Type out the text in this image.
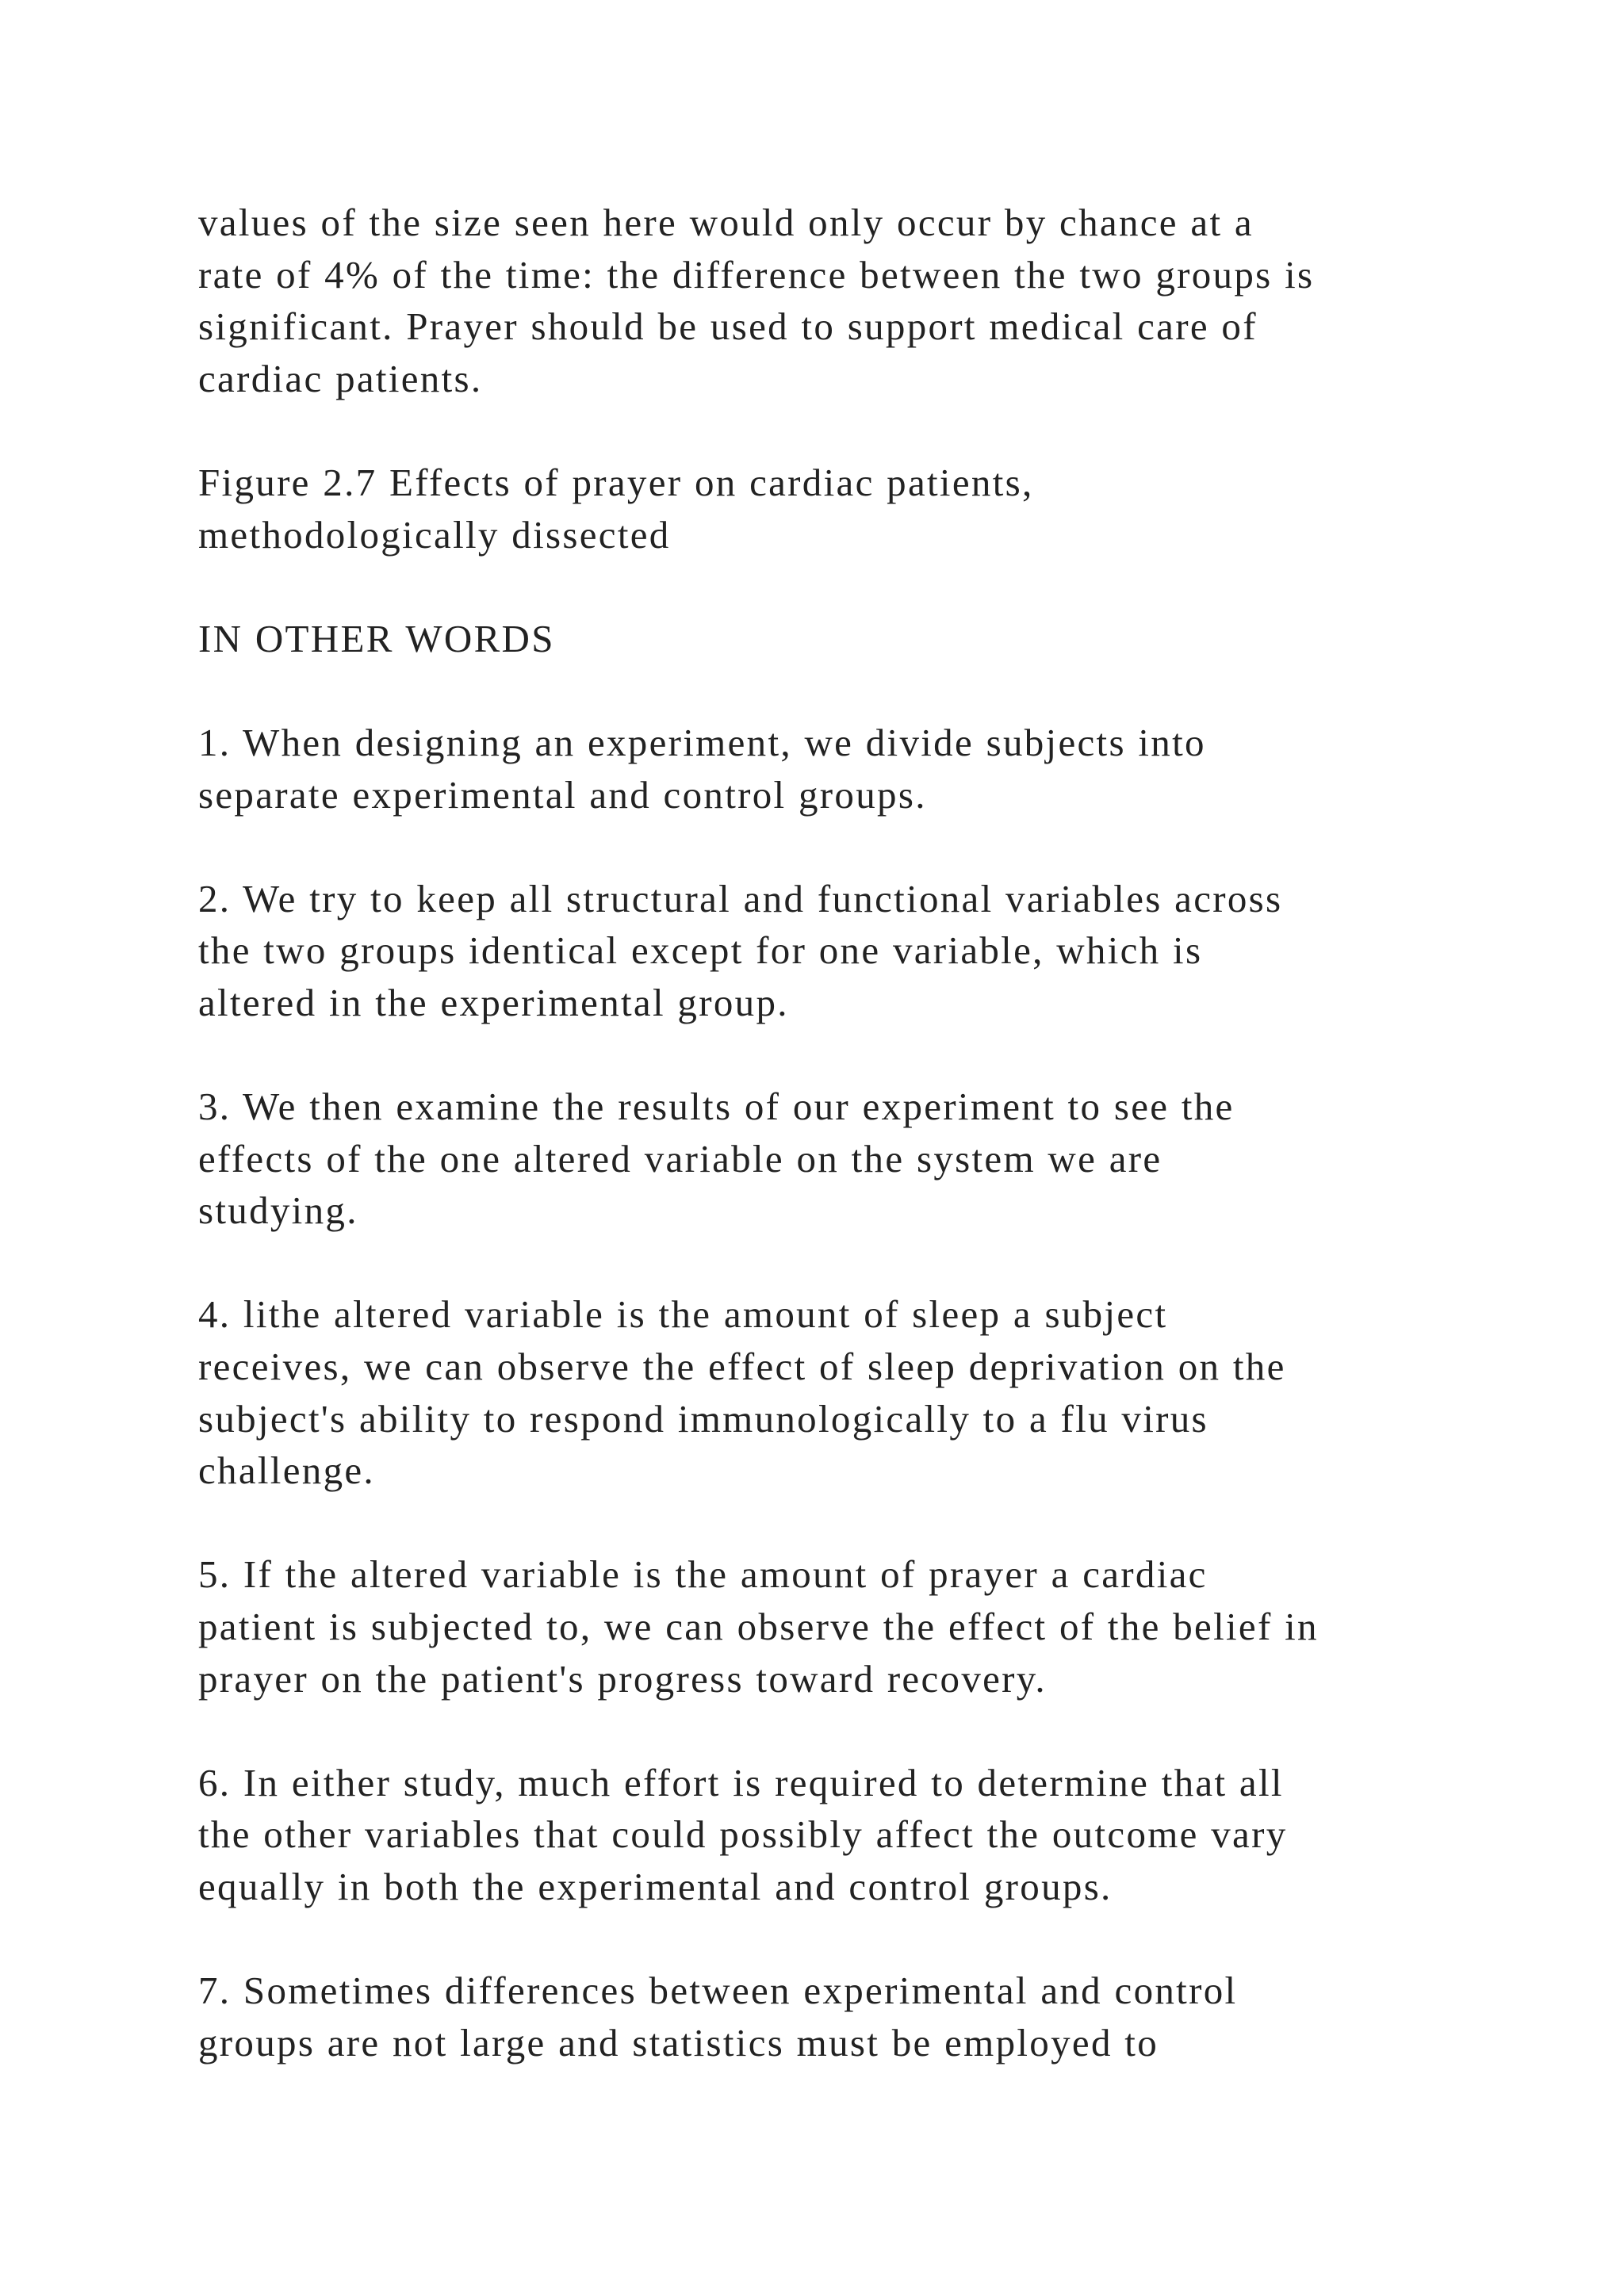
values of the size seen here would only occur by chance at a
rate of 4% of the time: the difference between the two groups is
significant. Prayer should be used to support medical care of
cardiac patients.

Figure 2.7 Effects of prayer on cardiac patients,
methodologically dissected

IN OTHER WORDS

1. When designing an experiment, we divide subjects into
separate experimental and control groups.

2. We try to keep all structural and functional variables across
the two groups identical except for one variable, which is
altered in the experimental group.

3. We then examine the results of our experiment to see the
effects of the one altered variable on the system we are
studying.

4. lithe altered variable is the amount of sleep a subject
receives, we can observe the effect of sleep deprivation on the
subject's ability to respond immunologically to a flu virus
challenge.

5. If the altered variable is the amount of prayer a cardiac
patient is subjected to, we can observe the effect of the belief in
prayer on the patient's progress toward recovery.

6. In either study, much effort is required to determine that all
the other variables that could possibly affect the outcome vary
equally in both the experimental and control groups.

7. Sometimes differences between experimental and control
groups are not large and statistics must be employed to
